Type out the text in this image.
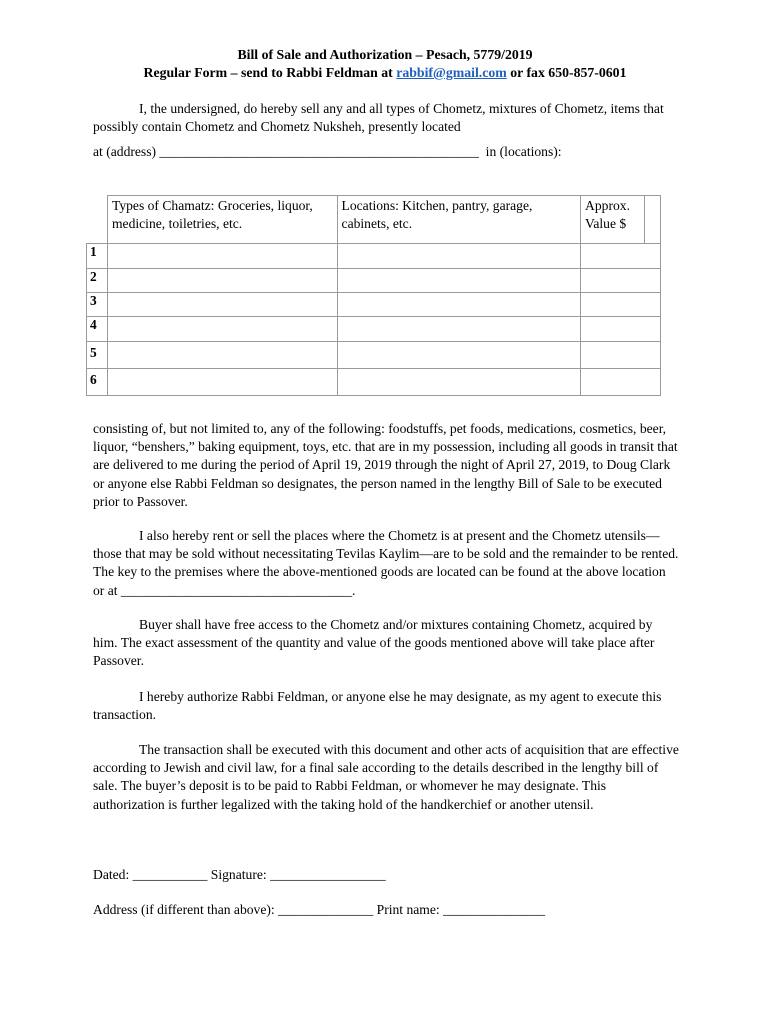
Bill of Sale and Authorization – Pesach, 5779/2019
Regular Form – send to Rabbi Feldman at rabbif@gmail.com or fax 650-857-0601
I, the undersigned, do hereby sell any and all types of Chometz, mixtures of Chometz, items that possibly contain Chometz and Chometz Nuksheh, presently located
at (address) _______________________________________________  in (locations):
	Types of Chamatz: Groceries, liquor, medicine, toiletries, etc.	Locations: Kitchen, pantry, garage, cabinets, etc.	Approx. Value $	
1				
2				
3				
4				
5				
6				
consisting of, but not limited to, any of the following: foodstuffs, pet foods, medications, cosmetics, beer, liquor, “benshers,” baking equipment, toys, etc. that are in my possession, including all goods in transit that are delivered to me during the period of April 19, 2019 through the night of April 27, 2019, to Doug Clark or anyone else Rabbi Feldman so designates, the person named in the lengthy Bill of Sale to be executed prior to Passover.
I also hereby rent or sell the places where the Chometz is at present and the Chometz utensils—those that may be sold without necessitating Tevilas Kaylim—are to be sold and the remainder to be rented. The key to the premises where the above-mentioned goods are located can be found at the above location or at __________________________________.
Buyer shall have free access to the Chometz and/or mixtures containing Chometz, acquired by him. The exact assessment of the quantity and value of the goods mentioned above will take place after Passover.
I hereby authorize Rabbi Feldman, or anyone else he may designate, as my agent to execute this transaction.
The transaction shall be executed with this document and other acts of acquisition that are effective according to Jewish and civil law, for a final sale according to the details described in the lengthy bill of sale. The buyer’s deposit is to be paid to Rabbi Feldman, or whomever he may designate. This authorization is further legalized with the taking hold of the handkerchief or another utensil.
Dated: ___________ Signature: _________________
Address (if different than above): ______________ Print name: _______________
